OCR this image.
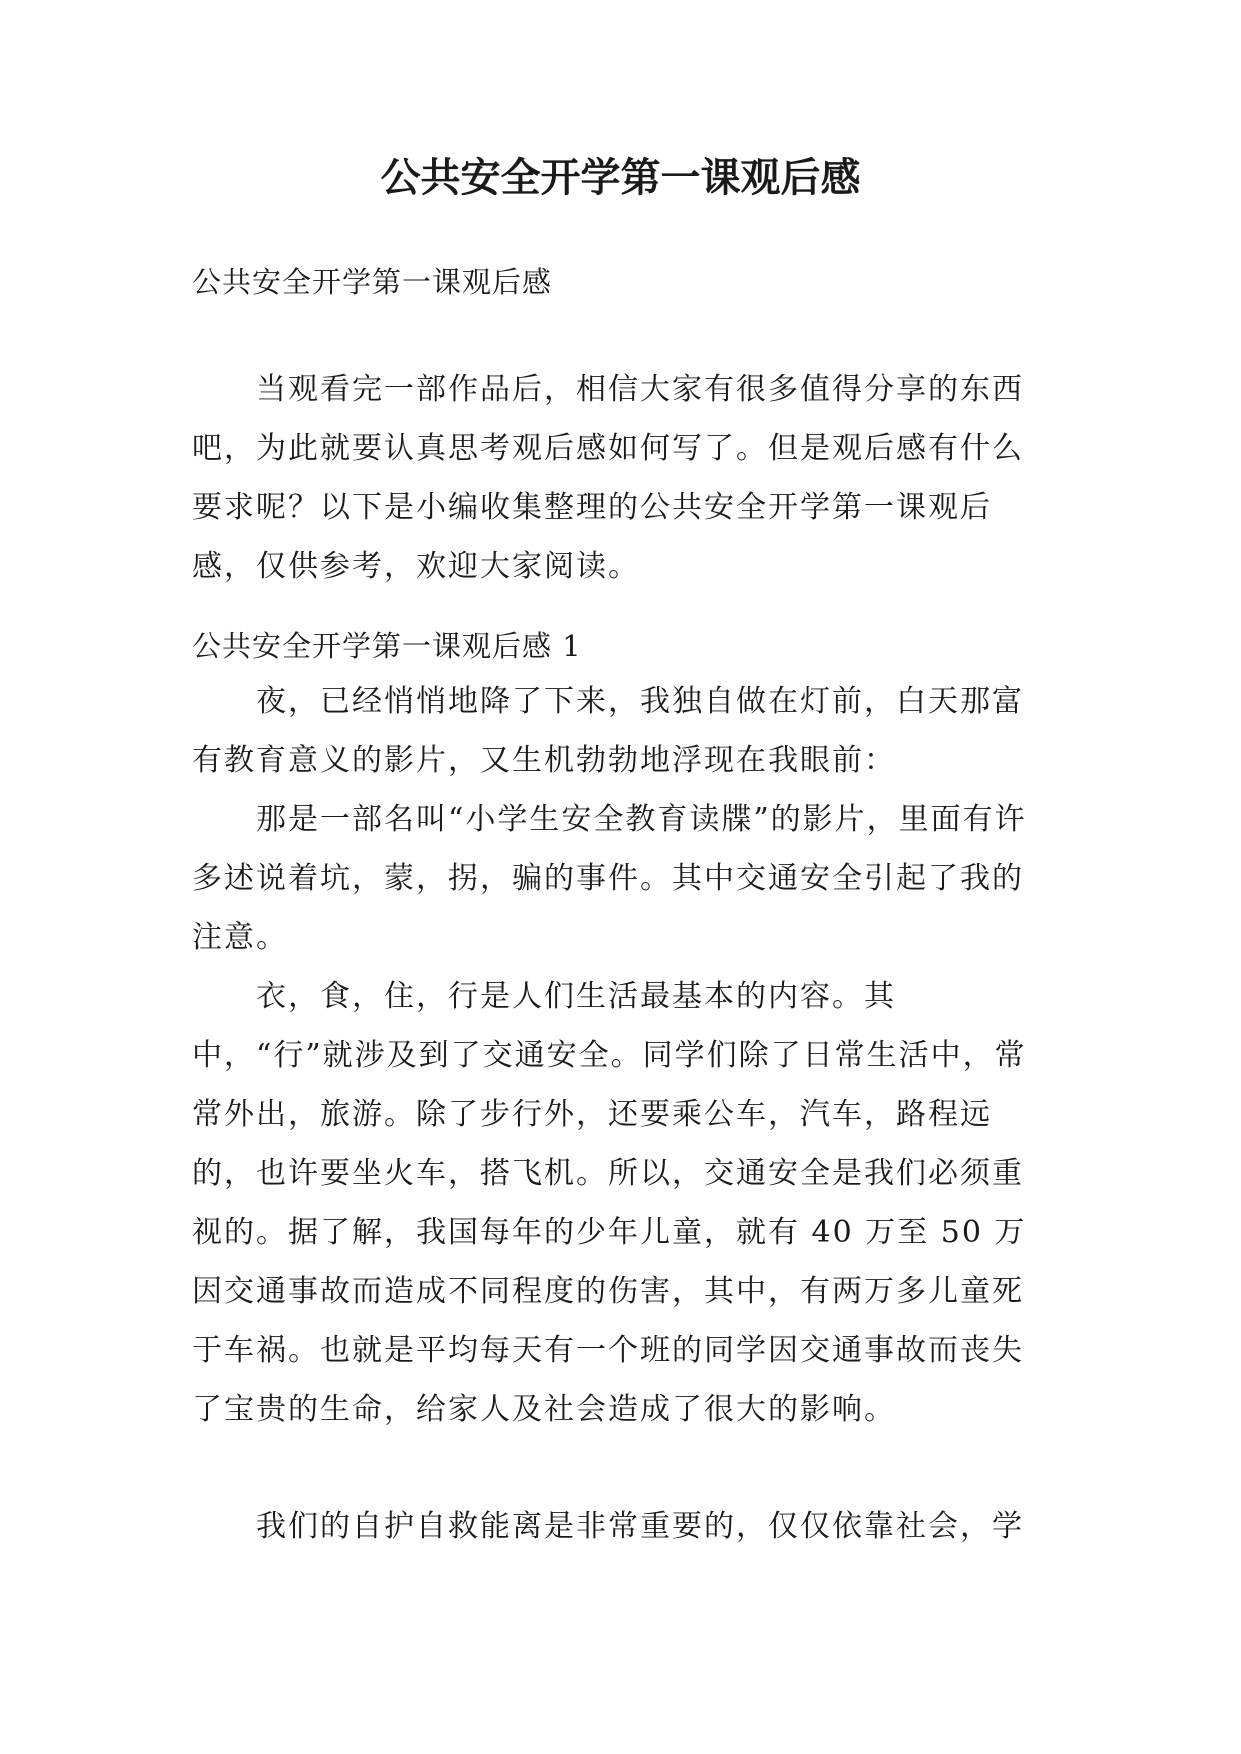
公共安全开学第一课观后感

公共安全开学第一课观后感

当观看完一部作品后，相信大家有很多值得分享的东西吧，为此就要认真思考观后感如何写了。但是观后感有什么要求呢？以下是小编收集整理的公共安全开学第一课观后感，仅供参考，欢迎大家阅读。

公共安全开学第一课观后感 1

夜，已经悄悄地降了下来，我独自做在灯前，白天那富有教育意义的影片，又生机勃勃地浮现在我眼前：

那是一部名叫“小学生安全教育读牒”的影片，里面有许多述说着坑，蒙，拐，骗的事件。其中交通安全引起了我的注意。

衣，食，住，行是人们生活最基本的内容。其中，“行”就涉及到了交通安全。同学们除了日常生活中，常常外出，旅游。除了步行外，还要乘公车，汽车，路程远的，也许要坐火车，搭飞机。所以，交通安全是我们必须重视的。据了解，我国每年的少年儿童，就有 40 万至 50 万因交通事故而造成不同程度的伤害，其中，有两万多儿童死于车祸。也就是平均每天有一个班的同学因交通事故而丧失了宝贵的生命，给家人及社会造成了很大的影响。

我们的自护自救能离是非常重要的，仅仅依靠社会，学
